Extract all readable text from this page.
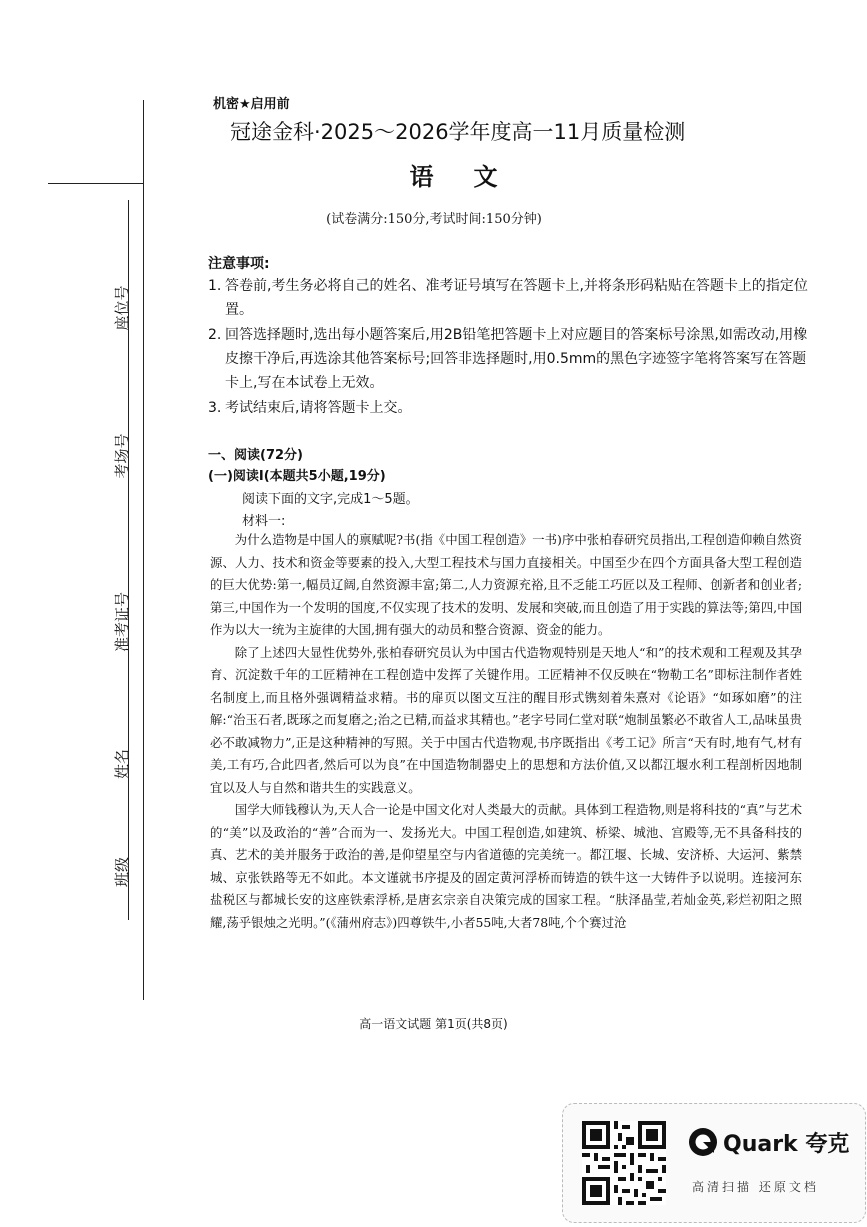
座位号
考场号
准考证号
姓名
班级
机密★启用前
冠途金科·2025～2026学年度高一11月质量检测
语文
(试卷满分:150分,考试时间:150分钟)
注意事项:

1. 答卷前,考生务必将自己的姓名、准考证号填写在答题卡上,并将条形码粘贴在答题卡上的指定位置。

2. 回答选择题时,选出每小题答案后,用2B铅笔把答题卡上对应题目的答案标号涂黑,如需改动,用橡皮擦干净后,再选涂其他答案标号;回答非选择题时,用0.5mm的黑色字迹签字笔将答案写在答题卡上,写在本试卷上无效。

3. 考试结束后,请将答题卡上交。

一、阅读(72分)
(一)阅读Ⅰ(本题共5小题,19分)
阅读下面的文字,完成1～5题。
材料一:

为什么造物是中国人的禀赋呢?书(指《中国工程创造》一书)序中张柏春研究员指出,工程创造仰赖自然资源、人力、技术和资金等要素的投入,大型工程技术与国力直接相关。中国至少在四个方面具备大型工程创造的巨大优势:第一,幅员辽阔,自然资源丰富;第二,人力资源充裕,且不乏能工巧匠以及工程师、创新者和创业者;第三,中国作为一个发明的国度,不仅实现了技术的发明、发展和突破,而且创造了用于实践的算法等;第四,中国作为以大一统为主旋律的大国,拥有强大的动员和整合资源、资金的能力。

除了上述四大显性优势外,张柏春研究员认为中国古代造物观特别是天地人“和”的技术观和工程观及其孕育、沉淀数千年的工匠精神在工程创造中发挥了关键作用。工匠精神不仅反映在“物勒工名”即标注制作者姓名制度上,而且格外强调精益求精。书的扉页以图文互注的醒目形式镌刻着朱熹对《论语》“如琢如磨”的注解:“治玉石者,既琢之而复磨之;治之已精,而益求其精也。”老字号同仁堂对联“炮制虽繁必不敢省人工,品味虽贵必不敢减物力”,正是这种精神的写照。关于中国古代造物观,书序既指出《考工记》所言“天有时,地有气,材有美,工有巧,合此四者,然后可以为良”在中国造物制器史上的思想和方法价值,又以都江堰水利工程剖析因地制宜以及人与自然和谐共生的实践意义。

国学大师钱穆认为,天人合一论是中国文化对人类最大的贡献。具体到工程造物,则是将科技的“真”与艺术的“美”以及政治的“善”合而为一、发扬光大。中国工程创造,如建筑、桥梁、城池、宫殿等,无不具备科技的真、艺术的美并服务于政治的善,是仰望星空与内省道德的完美统一。都江堰、长城、安济桥、大运河、紫禁城、京张铁路等无不如此。本文谨就书序提及的固定黄河浮桥而铸造的铁牛这一大铸件予以说明。连接河东盐税区与都城长安的这座铁索浮桥,是唐玄宗亲自决策完成的国家工程。“肤泽晶莹,若灿金英,彩烂初阳之照耀,荡乎银烛之光明。”(《蒲州府志》)四尊铁牛,小者55吨,大者78吨,个个赛过沧

高一语文试题 第1页(共8页)
Quark 夸克
高清扫描 还原文档
